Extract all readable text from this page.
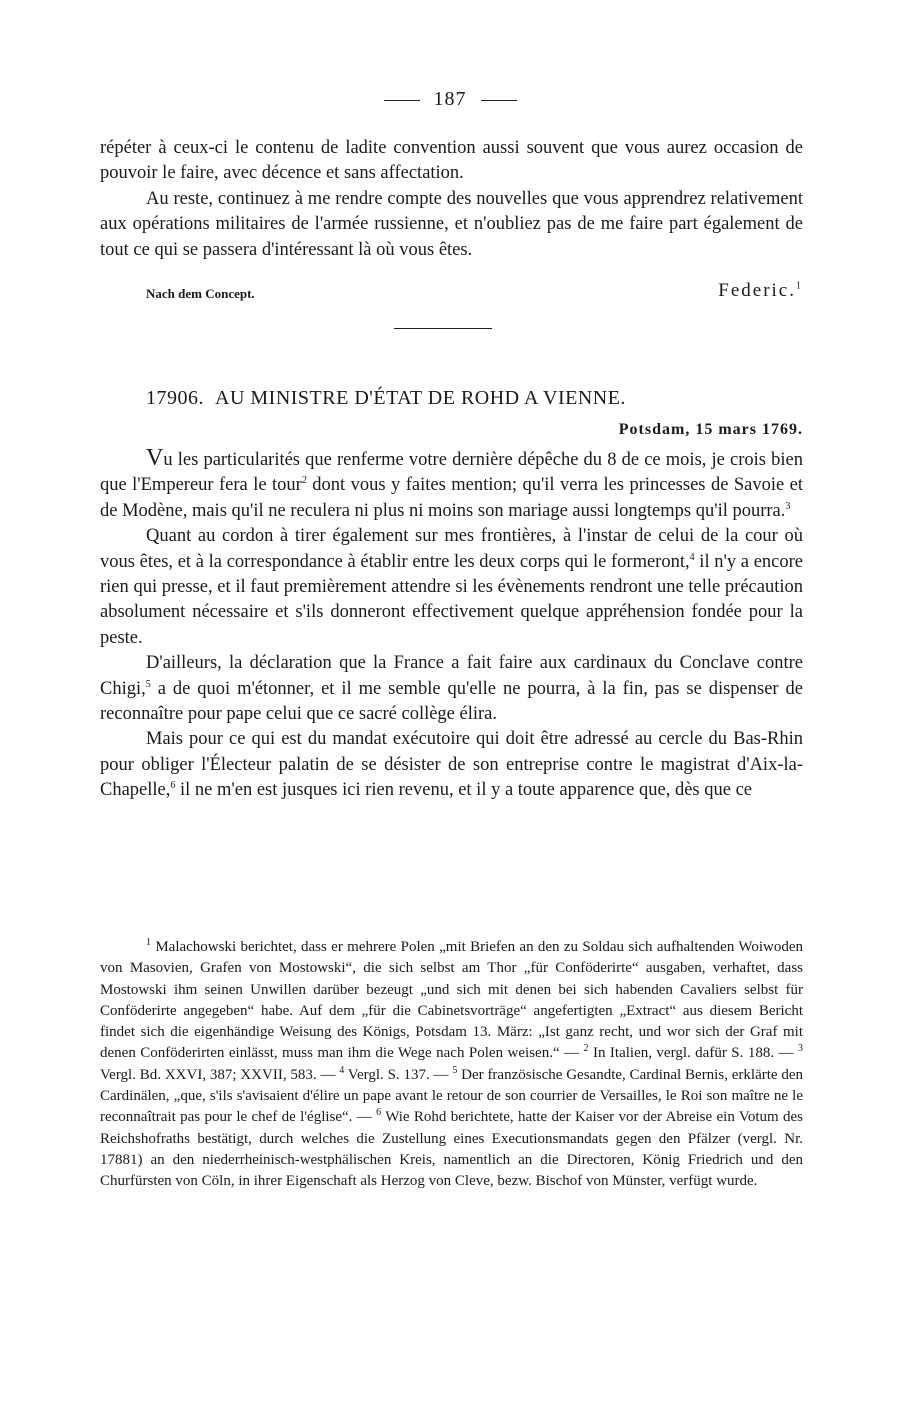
187

répéter à ceux-ci le contenu de ladite convention aussi souvent que vous aurez occasion de pouvoir le faire, avec décence et sans affectation.

Au reste, continuez à me rendre compte des nouvelles que vous apprendrez relativement aux opérations militaires de l'armée russienne, et n'oubliez pas de me faire part également de tout ce qui se passera d'intéressant là où vous êtes.

Nach dem Concept.	Federic.$^1$
17906. AU MINISTRE D'ÉTAT DE ROHD A VIENNE.
Potsdam, 15 mars 1769.

Vu les particularités que renferme votre dernière dépêche du 8 de ce mois, je crois bien que l'Empereur fera le tour$^2$ dont vous y faites mention; qu'il verra les princesses de Savoie et de Modène, mais qu'il ne reculera ni plus ni moins son mariage aussi longtemps qu'il pourra.$^3$

Quant au cordon à tirer également sur mes frontières, à l'instar de celui de la cour où vous êtes, et à la correspondance à établir entre les deux corps qui le formeront,$^4$ il n'y a encore rien qui presse, et il faut premièrement attendre si les évènements rendront une telle précaution absolument nécessaire et s'ils donneront effectivement quelque appréhension fondée pour la peste.

D'ailleurs, la déclaration que la France a fait faire aux cardinaux du Conclave contre Chigi,$^5$ a de quoi m'étonner, et il me semble qu'elle ne pourra, à la fin, pas se dispenser de reconnaître pour pape celui que ce sacré collège élira.

Mais pour ce qui est du mandat exécutoire qui doit être adressé au cercle du Bas-Rhin pour obliger l'Électeur palatin de se désister de son entreprise contre le magistrat d'Aix-la-Chapelle,$^6$ il ne m'en est jusques ici rien revenu, et il y a toute apparence que, dès que ce

$^1$ Malachowski berichtet, dass er mehrere Polen „mit Briefen an den zu Soldau sich aufhaltenden Woiwoden von Masovien, Grafen von Mostowski“, die sich selbst am Thor „für Conföderirte“ ausgaben, verhaftet, dass Mostowski ihm seinen Unwillen darüber bezeugt „und sich mit denen bei sich habenden Cavaliers selbst für Conföderirte angegeben“ habe. Auf dem „für die Cabinetsvorträge“ angefertigten „Extract“ aus diesem Bericht findet sich die eigenhändige Weisung des Königs, Potsdam 13. März: „Ist ganz recht, und wor sich der Graf mit denen Conföderirten einlässt, muss man ihm die Wege nach Polen weisen.“ — $^2$ In Italien, vergl. dafür S. 188. — $^3$ Vergl. Bd. XXVI, 387; XXVII, 583. — $^4$ Vergl. S. 137. — $^5$ Der französische Gesandte, Cardinal Bernis, erklärte den Cardinälen, „que, s'ils s'avisaient d'élire un pape avant le retour de son courrier de Versailles, le Roi son maître ne le reconnaîtrait pas pour le chef de l'église“. — $^6$ Wie Rohd berichtete, hatte der Kaiser vor der Abreise ein Votum des Reichshofraths bestätigt, durch welches die Zustellung eines Executionsmandats gegen den Pfälzer (vergl. Nr. 17881) an den niederrheinisch-westphälischen Kreis, namentlich an die Directoren, König Friedrich und den Churfürsten von Cöln, in ihrer Eigenschaft als Herzog von Cleve, bezw. Bischof von Münster, verfügt wurde.
